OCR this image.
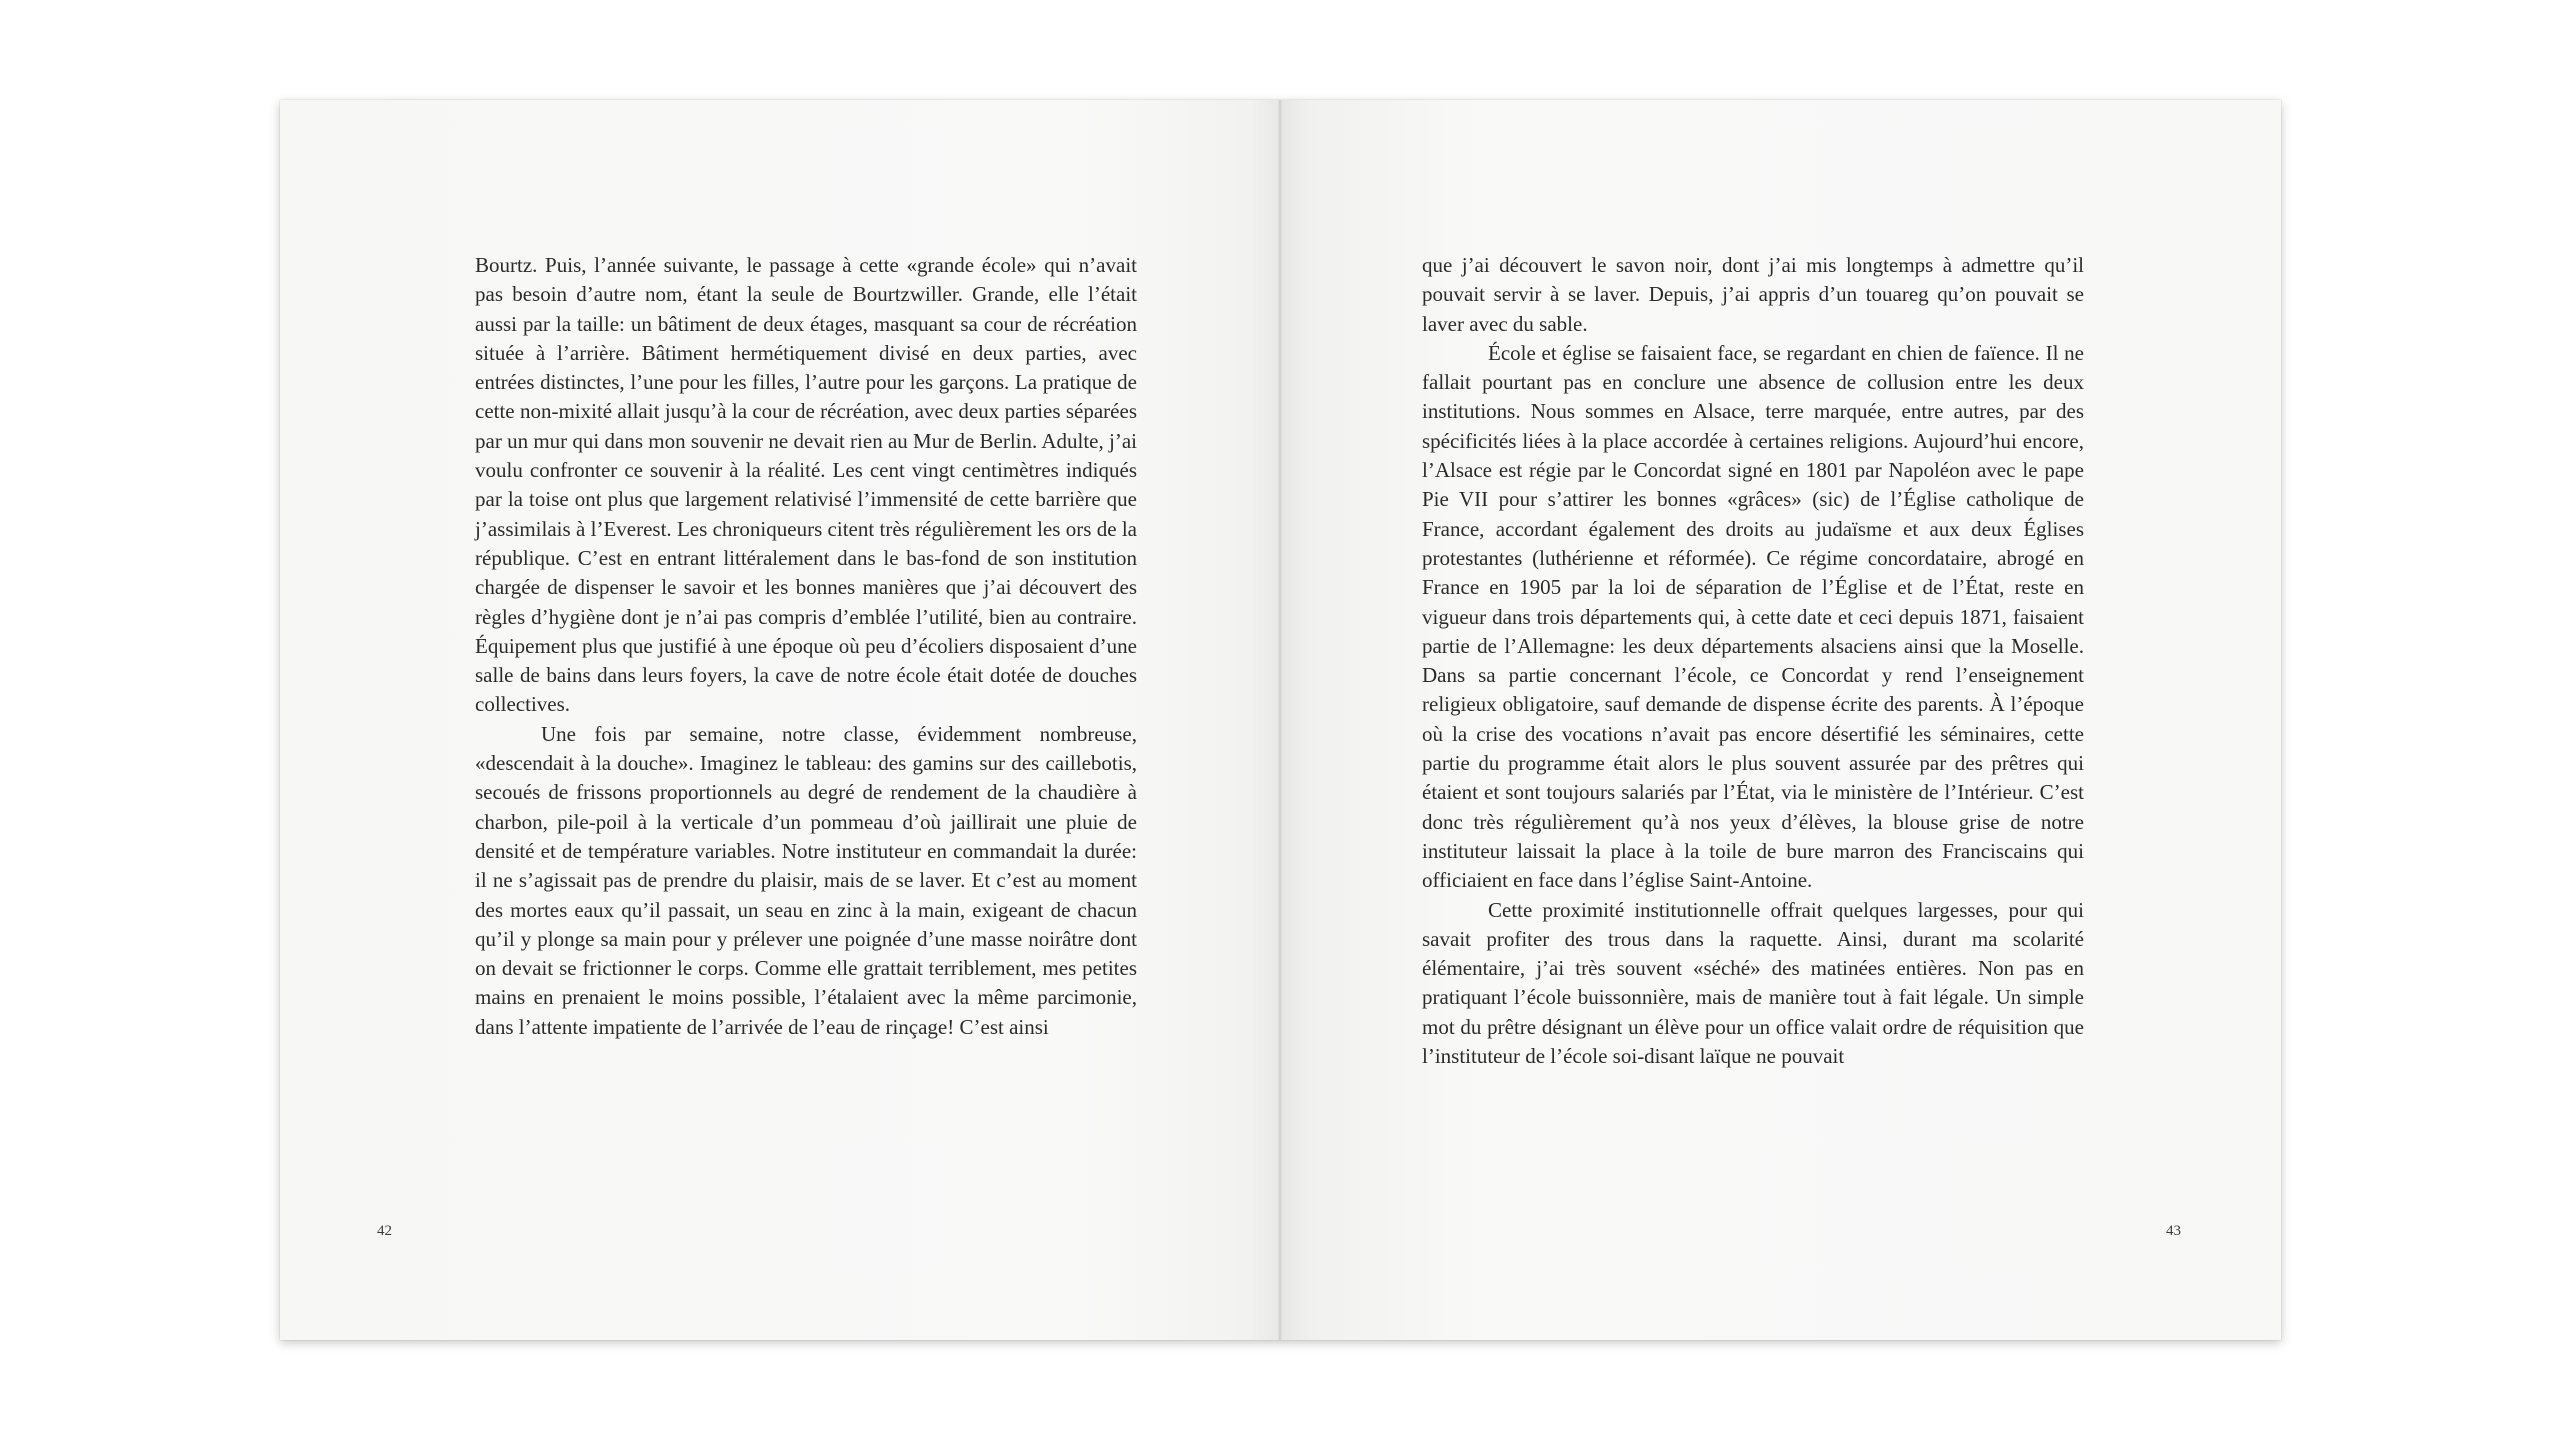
Bourtz. Puis, l’année suivante, le passage à cette «grande école» qui n’avait pas besoin d’autre nom, étant la seule de Bourtzwiller. Grande, elle l’était aussi par la taille: un bâtiment de deux étages, masquant sa cour de récréation située à l’arrière. Bâtiment hermétiquement divisé en deux parties, avec entrées distinctes, l’une pour les filles, l’autre pour les garçons. La pratique de cette non-mixité allait jusqu’à la cour de récréation, avec deux parties séparées par un mur qui dans mon souvenir ne devait rien au Mur de Berlin. Adulte, j’ai voulu confronter ce souvenir à la réalité. Les cent vingt centimètres indiqués par la toise ont plus que largement relativisé l’immensité de cette barrière que j’assimilais à l’Everest. Les chroniqueurs citent très régulièrement les ors de la république. C’est en entrant littéralement dans le bas-fond de son institution chargée de dispenser le savoir et les bonnes manières que j’ai découvert des règles d’hygiène dont je n’ai pas compris d’emblée l’utilité, bien au contraire. Équipement plus que justifié à une époque où peu d’écoliers disposaient d’une salle de bains dans leurs foyers, la cave de notre école était dotée de douches collectives.

Une fois par semaine, notre classe, évidemment nombreuse, «descendait à la douche». Imaginez le tableau: des gamins sur des caillebotis, secoués de frissons proportionnels au degré de rendement de la chaudière à charbon, pile-poil à la verticale d’un pommeau d’où jaillirait une pluie de densité et de température variables. Notre instituteur en commandait la durée: il ne s’agissait pas de prendre du plaisir, mais de se laver. Et c’est au moment des mortes eaux qu’il passait, un seau en zinc à la main, exigeant de chacun qu’il y plonge sa main pour y prélever une poignée d’une masse noirâtre dont on devait se frictionner le corps. Comme elle grattait terriblement, mes petites mains en prenaient le moins possible, l’étalaient avec la même parcimonie, dans l’attente impatiente de l’arrivée de l’eau de rinçage! C’est ainsi

que j’ai découvert le savon noir, dont j’ai mis longtemps à admettre qu’il pouvait servir à se laver. Depuis, j’ai appris d’un touareg qu’on pouvait se laver avec du sable.

École et église se faisaient face, se regardant en chien de faïence. Il ne fallait pourtant pas en conclure une absence de collusion entre les deux institutions. Nous sommes en Alsace, terre marquée, entre autres, par des spécificités liées à la place accordée à certaines religions. Aujourd’hui encore, l’Alsace est régie par le Concordat signé en 1801 par Napoléon avec le pape Pie VII pour s’attirer les bonnes «grâces» (sic) de l’Église catholique de France, accordant également des droits au judaïsme et aux deux Églises protestantes (luthérienne et réformée). Ce régime concordataire, abrogé en France en 1905 par la loi de séparation de l’Église et de l’État, reste en vigueur dans trois départements qui, à cette date et ceci depuis 1871, faisaient partie de l’Allemagne: les deux départements alsaciens ainsi que la Moselle. Dans sa partie concernant l’école, ce Concordat y rend l’enseignement religieux obligatoire, sauf demande de dispense écrite des parents. À l’époque où la crise des vocations n’avait pas encore désertifié les séminaires, cette partie du programme était alors le plus souvent assurée par des prêtres qui étaient et sont toujours salariés par l’État, via le ministère de l’Intérieur. C’est donc très régulièrement qu’à nos yeux d’élèves, la blouse grise de notre instituteur laissait la place à la toile de bure marron des Franciscains qui officiaient en face dans l’église Saint-Antoine.

Cette proximité institutionnelle offrait quelques largesses, pour qui savait profiter des trous dans la raquette. Ainsi, durant ma scolarité élémentaire, j’ai très souvent «séché» des matinées entières. Non pas en pratiquant l’école buissonnière, mais de manière tout à fait légale. Un simple mot du prêtre désignant un élève pour un office valait ordre de réquisition que l’instituteur de l’école soi-disant laïque ne pouvait

42	43
